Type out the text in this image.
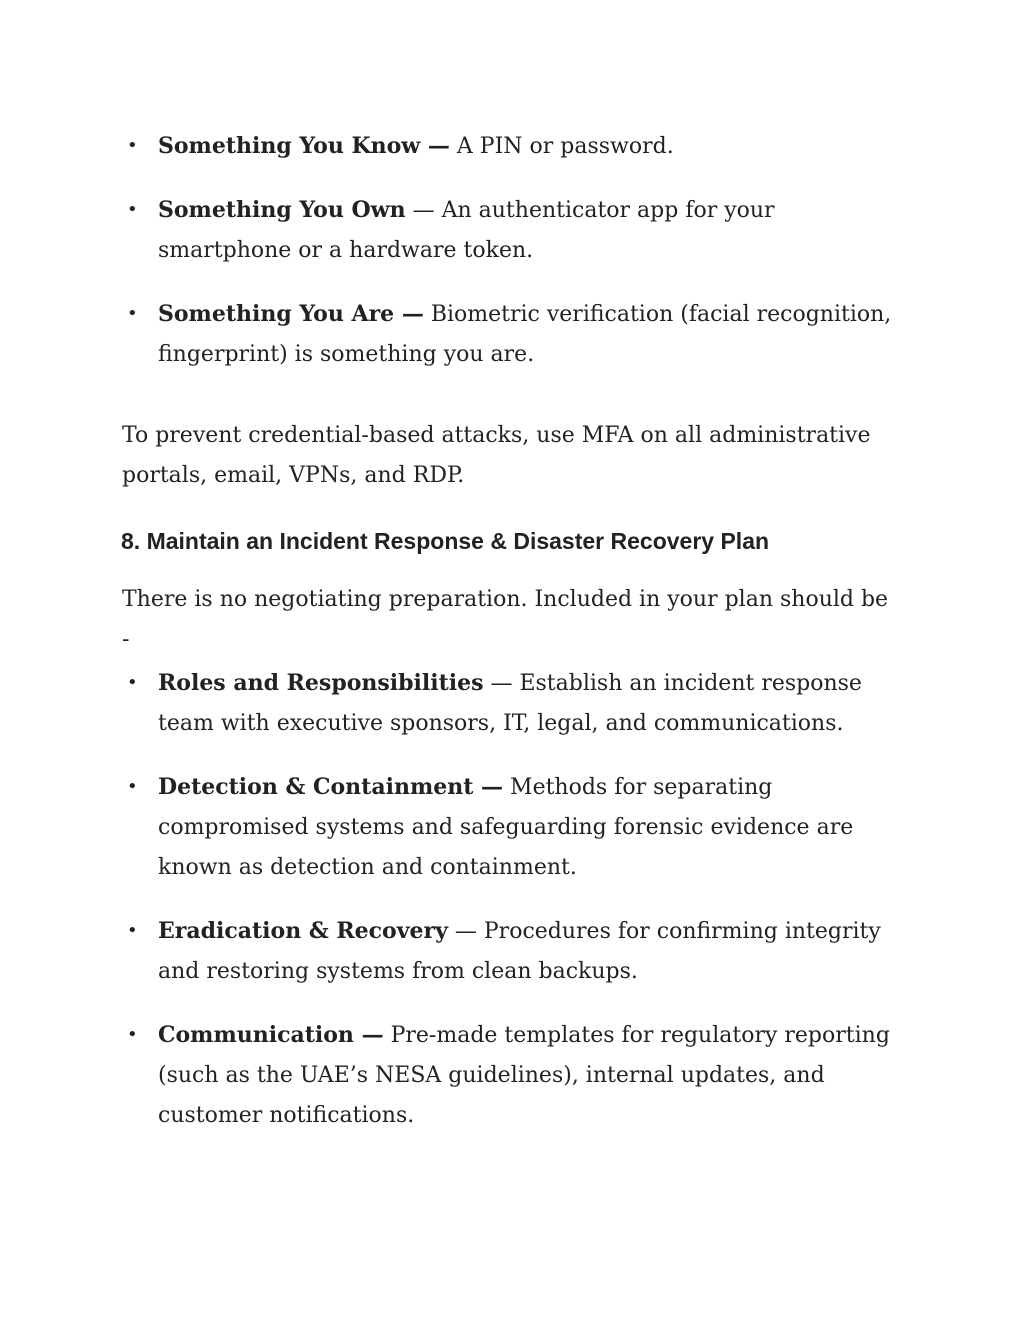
• Something You Know — A PIN or password.
• Something You Own — An authenticator app for your smartphone or a hardware token.
• Something You Are — Biometric verification (facial recognition, fingerprint) is something you are.

To prevent credential-based attacks, use MFA on all administrative portals, email, VPNs, and RDP.

8. Maintain an Incident Response & Disaster Recovery Plan

There is no negotiating preparation. Included in your plan should be -

• Roles and Responsibilities — Establish an incident response team with executive sponsors, IT, legal, and communications.
• Detection & Containment — Methods for separating compromised systems and safeguarding forensic evidence are known as detection and containment.
• Eradication & Recovery — Procedures for confirming integrity and restoring systems from clean backups.
• Communication — Pre-made templates for regulatory reporting (such as the UAE’s NESA guidelines), internal updates, and customer notifications.
